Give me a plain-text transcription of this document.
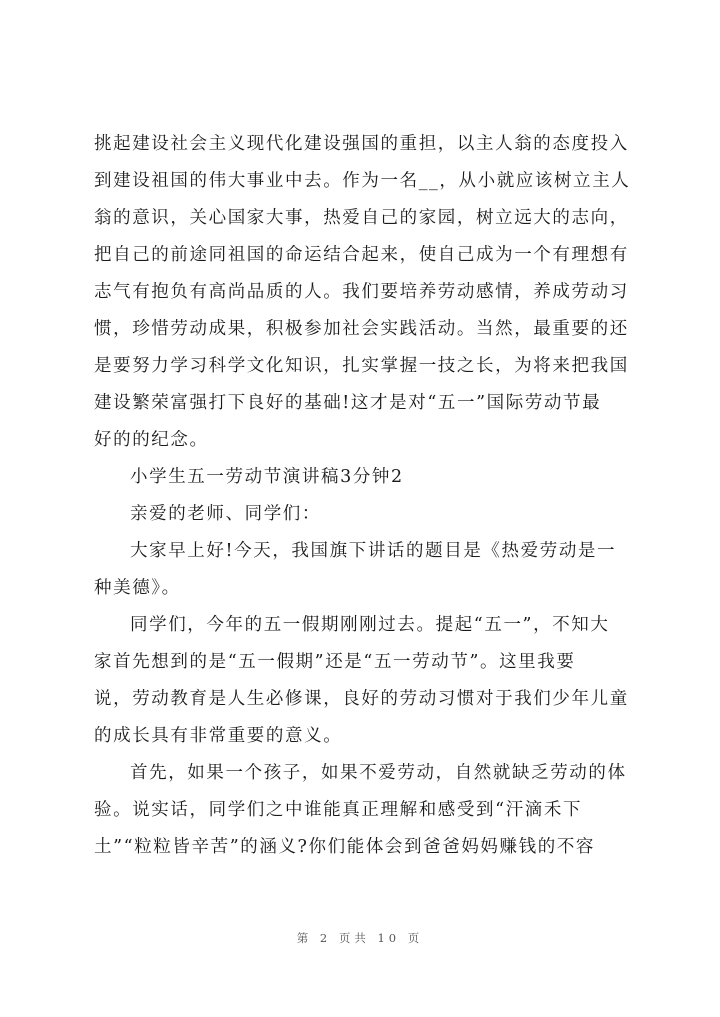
挑起建设社会主义现代化建设强国的重担，以主人翁的态度投入
到建设祖国的伟大事业中去。作为一名__，从小就应该树立主人
翁的意识，关心国家大事，热爱自己的家园，树立远大的志向，
把自己的前途同祖国的命运结合起来，使自己成为一个有理想有
志气有抱负有高尚品质的人。我们要培养劳动感情，养成劳动习
惯，珍惜劳动成果，积极参加社会实践活动。当然，最重要的还
是要努力学习科学文化知识，扎实掌握一技之长，为将来把我国
建设繁荣富强打下良好的基础!这才是对“五一”国际劳动节最
好的的纪念。
小学生五一劳动节演讲稿3分钟2
亲爱的老师、同学们：
大家早上好!今天，我国旗下讲话的题目是《热爱劳动是一
种美德》。
同学们，今年的五一假期刚刚过去。提起“五一”，不知大
家首先想到的是“五一假期”还是“五一劳动节”。这里我要
说，劳动教育是人生必修课，良好的劳动习惯对于我们少年儿童
的成长具有非常重要的意义。
首先，如果一个孩子，如果不爱劳动，自然就缺乏劳动的体
验。说实话，同学们之中谁能真正理解和感受到“汗滴禾下
土”“粒粒皆辛苦”的涵义?你们能体会到爸爸妈妈赚钱的不容
第 2 页共 10 页
